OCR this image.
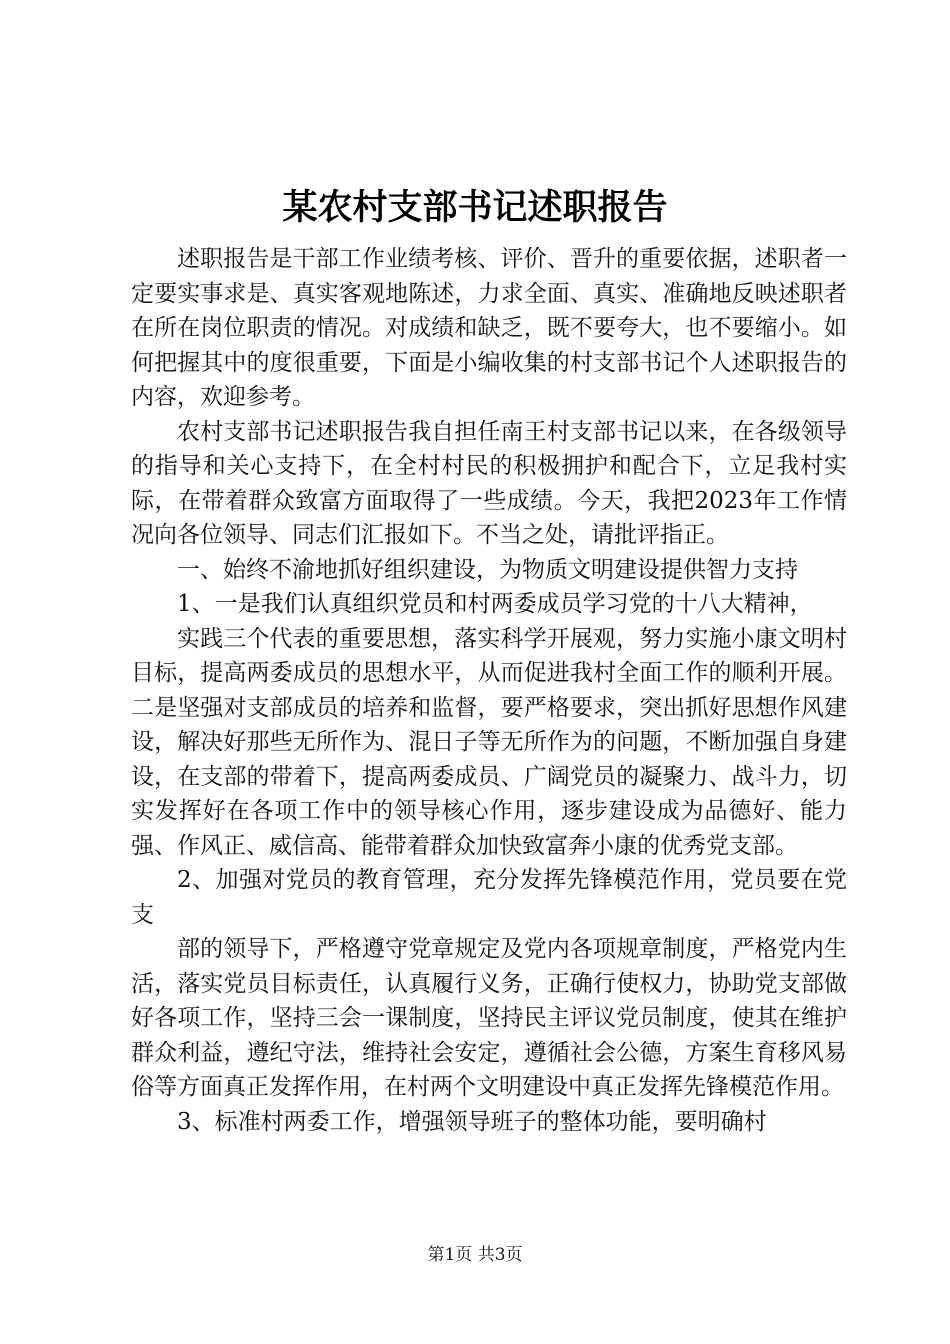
某农村支部书记述职报告

述职报告是干部工作业绩考核、评价、晋升的重要依据，述职者一定要实事求是、真实客观地陈述，力求全面、真实、准确地反映述职者在所在岗位职责的情况。对成绩和缺乏，既不要夸大，也不要缩小。如何把握其中的度很重要，下面是小编收集的村支部书记个人述职报告的内容，欢迎参考。

农村支部书记述职报告我自担任南王村支部书记以来，在各级领导的指导和关心支持下，在全村村民的积极拥护和配合下，立足我村实际，在带着群众致富方面取得了一些成绩。今天，我把2023年工作情况向各位领导、同志们汇报如下。不当之处，请批评指正。

一、始终不渝地抓好组织建设，为物质文明建设提供智力支持

1、一是我们认真组织党员和村两委成员学习党的十八大精神，

实践三个代表的重要思想，落实科学开展观，努力实施小康文明村目标，提高两委成员的思想水平，从而促进我村全面工作的顺利开展。二是坚强对支部成员的培养和监督，要严格要求，突出抓好思想作风建设，解决好那些无所作为、混日子等无所作为的问题，不断加强自身建设，在支部的带着下，提高两委成员、广阔党员的凝聚力、战斗力，切实发挥好在各项工作中的领导核心作用，逐步建设成为品德好、能力强、作风正、威信高、能带着群众加快致富奔小康的优秀党支部。

2、加强对党员的教育管理，充分发挥先锋模范作用，党员要在党支

部的领导下，严格遵守党章规定及党内各项规章制度，严格党内生活，落实党员目标责任，认真履行义务，正确行使权力，协助党支部做好各项工作，坚持三会一课制度，坚持民主评议党员制度，使其在维护群众利益，遵纪守法，维持社会安定，遵循社会公德，方案生育移风易俗等方面真正发挥作用，在村两个文明建设中真正发挥先锋模范作用。

3、标准村两委工作，增强领导班子的整体功能，要明确村

第1页 共3页
